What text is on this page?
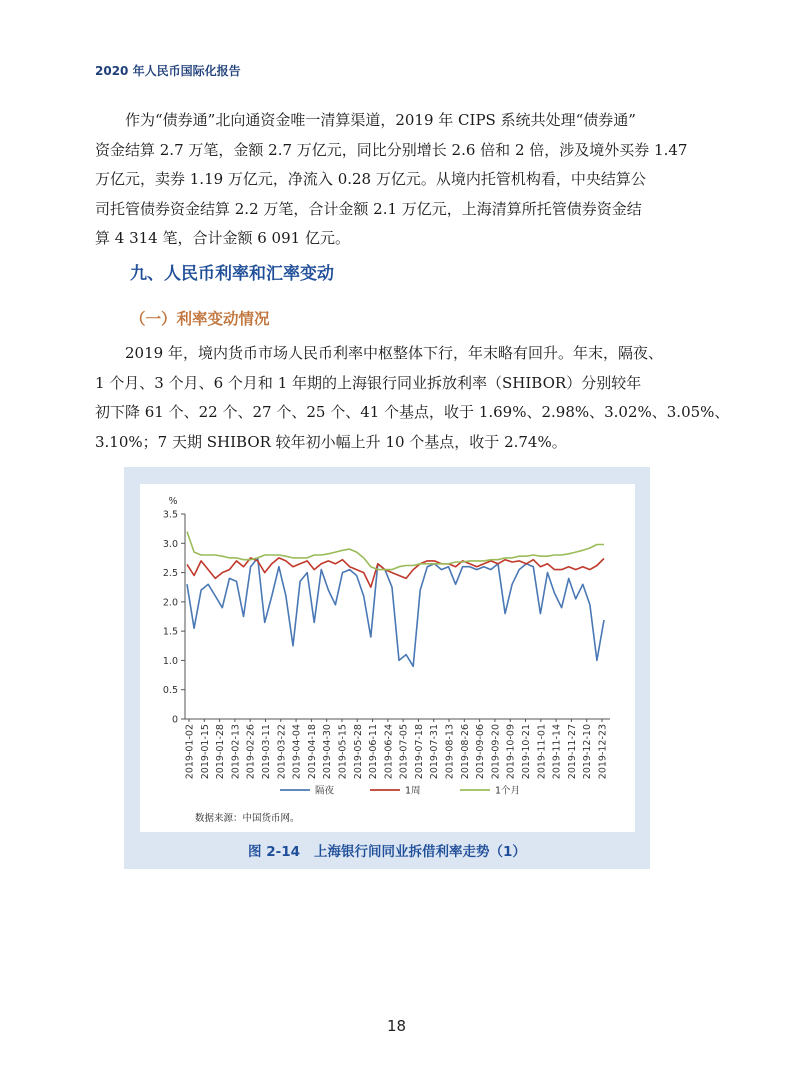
2020 年人民币国际化报告

作为“债券通”北向通资金唯一清算渠道，2019 年 CIPS 系统共处理“债券通”
资金结算 2.7 万笔，金额 2.7 万亿元，同比分别增长 2.6 倍和 2 倍，涉及境外买券 1.47
万亿元，卖券 1.19 万亿元，净流入 0.28 万亿元。从境内托管机构看，中央结算公
司托管债券资金结算 2.2 万笔，合计金额 2.1 万亿元，上海清算所托管债券资金结
算 4 314 笔，合计金额 6 091 亿元。

九、人民币利率和汇率变动
（一）利率变动情况

2019 年，境内货币市场人民币利率中枢整体下行，年末略有回升。年末，隔夜、
1 个月、3 个月、6 个月和 1 年期的上海银行同业拆放利率（SHIBOR）分别较年
初下降 61 个、22 个、27 个、25 个、41 个基点，收于 1.69%、2.98%、3.02%、3.05%、
3.10%；7 天期 SHIBOR 较年初小幅上升 10 个基点，收于 2.74%。

图 2-14 上海银行间同业拆借利率走势（1）
%
0
0.5
1.0
1.5
2.0
2.5
3.0
3.5
2019-01-02 2019-01-15 2019-01-28 2019-02-13 2019-02-26 2019-03-11 2019-03-22 2019-04-04 2019-04-18 2019-04-30 2019-05-15 2019-05-28 2019-06-11 2019-06-24 2019-07-05 2019-07-18 2019-07-31 2019-08-13 2019-08-26 2019-09-06 2019-09-20 2019-10-09 2019-10-21 2019-11-01 2019-11-14 2019-11-27 2019-12-10 2019-12-23
隔夜	1周	1个月
数据来源：中国货币网。
18
